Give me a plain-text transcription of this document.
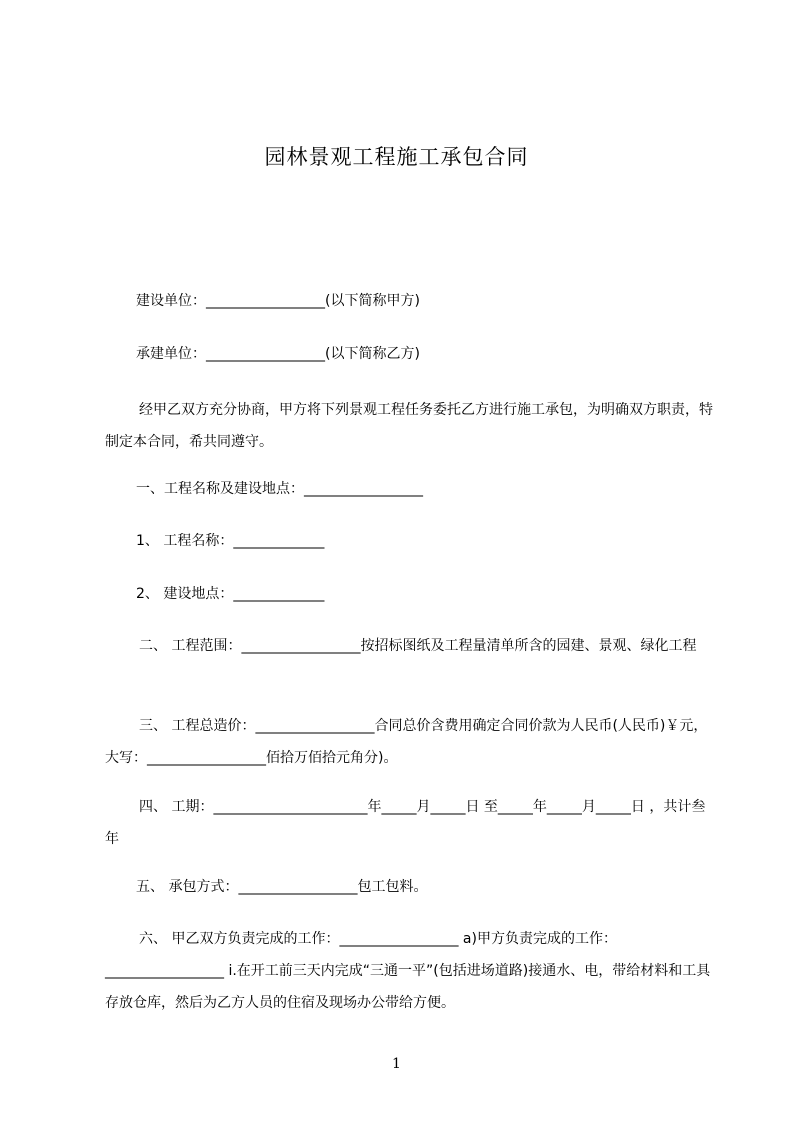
园林景观工程施工承包合同
建设单位：_________________(以下简称甲方)
承建单位：_________________(以下简称乙方)
经甲乙双方充分协商，甲方将下列景观工程任务委托乙方进行施工承包，为明确双方职责，特制定本合同，希共同遵守。
一、工程名称及建设地点：_________________
1、 工程名称：_____________
2、 建设地点：_____________
二、 工程范围：_________________按招标图纸及工程量清单所含的园建、景观、绿化工程
三、 工程总造价：_________________合同总价含费用确定合同价款为人民币(人民币)￥元，大写：_________________佰拾万佰拾元角分)。
四、 工期：______________________年_____月_____日 至_____年_____月_____日 ，共计叁年
五、 承包方式：_________________包工包料。
六、 甲乙双方负责完成的工作：_________________ a)甲方负责完成的工作：_________________ i.在开工前三天内完成“三通一平”(包括进场道路)接通水、电，带给材料和工具存放仓库，然后为乙方人员的住宿及现场办公带给方便。
1
